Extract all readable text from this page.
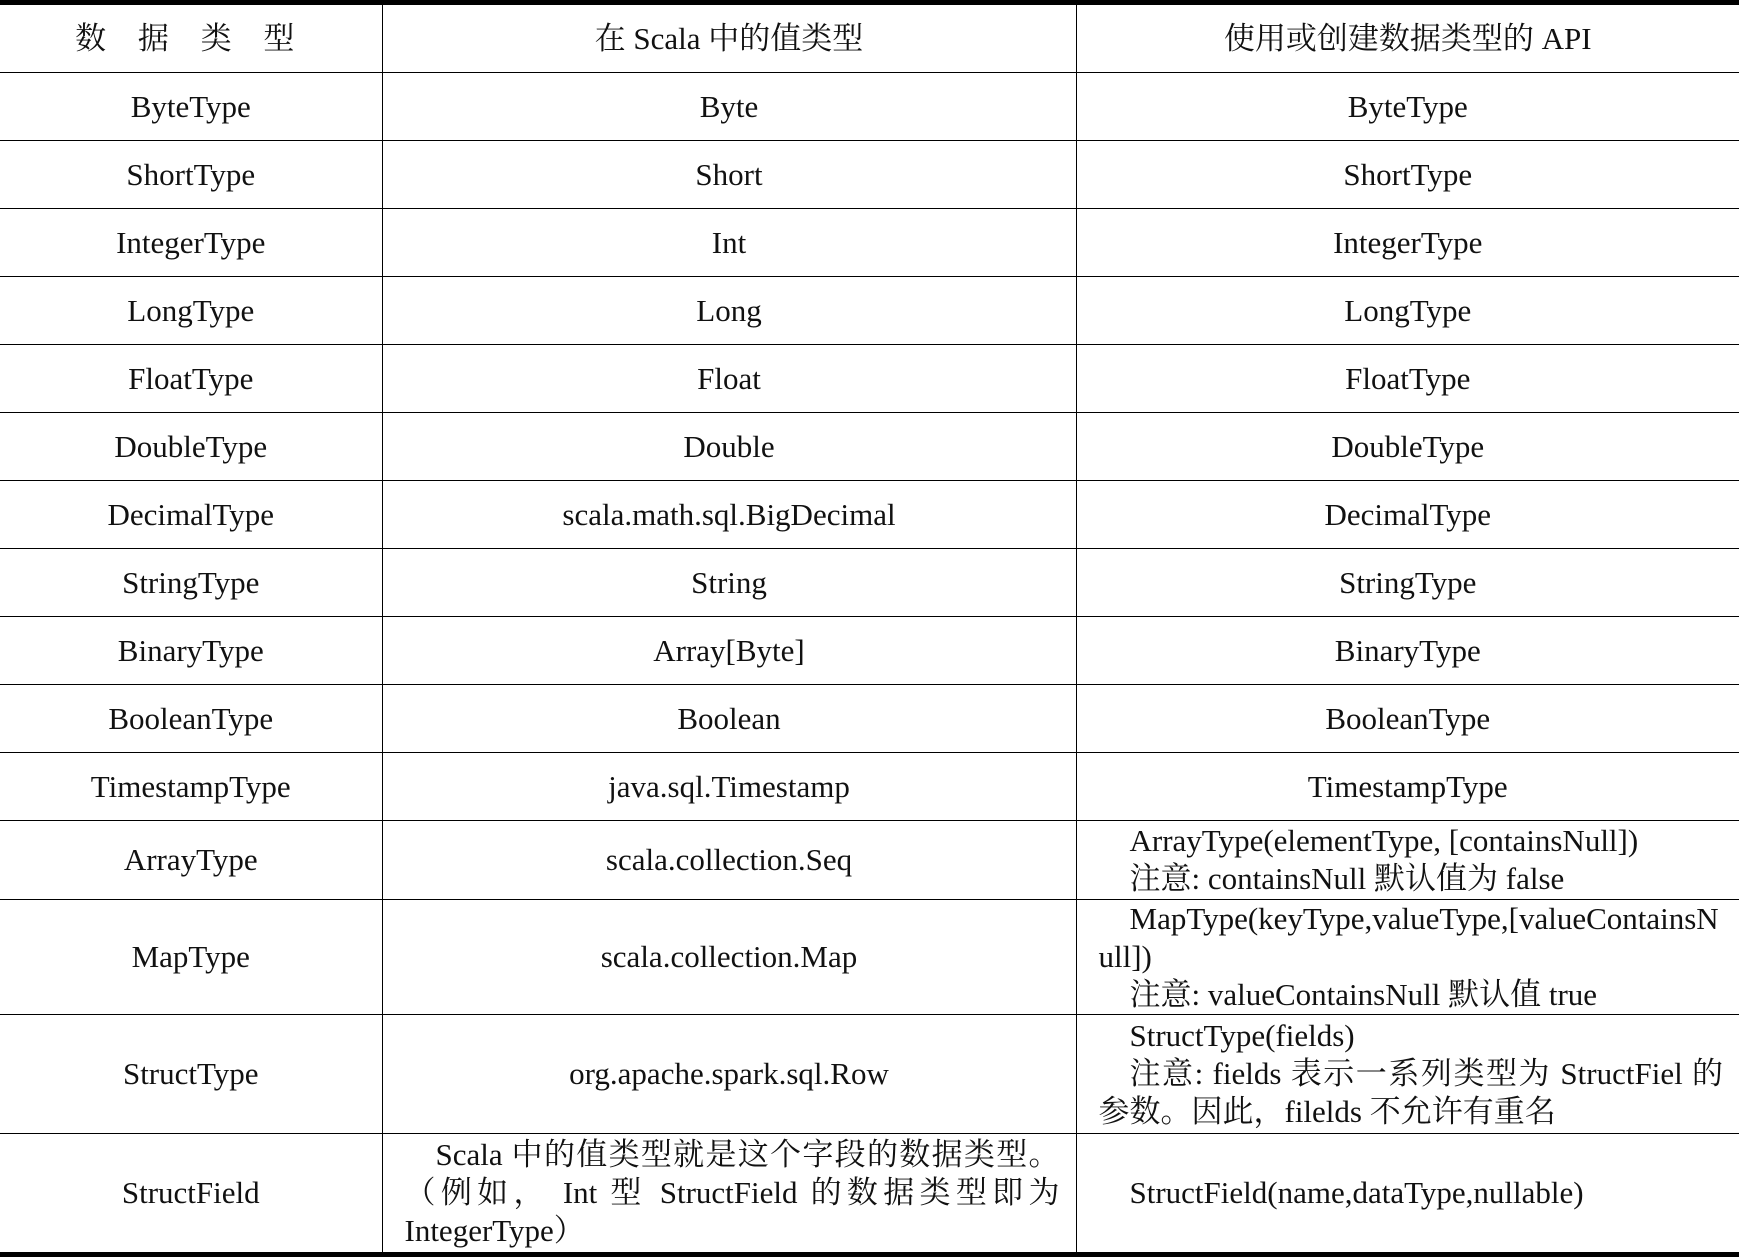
数 据 类 型	在 Scala 中的值类型	使用或创建数据类型的 API
ByteType	Byte	ByteType
ShortType	Short	ShortType
IntegerType	Int	IntegerType
LongType	Long	LongType
FloatType	Float	FloatType
DoubleType	Double	DoubleType
DecimalType	scala.math.sql.BigDecimal	DecimalType
StringType	String	StringType
BinaryType	Array[Byte]	BinaryType
BooleanType	Boolean	BooleanType
TimestampType	java.sql.Timestamp	TimestampType
ArrayType	scala.collection.Seq	ArrayType(elementType, [containsNull])
注意: containsNull 默认值为 false

MapType	scala.collection.Map	MapType(keyType,valueType,[valueContainsNull])
注意: valueContainsNull 默认值 true

StructType	org.apache.spark.sql.Row	StructType(fields)
注意: fields 表示一系列类型为 StructFiel 的参数。因此，filelds 不允许有重名

StructField	Scala 中的值类型就是这个字段的数据类型。（例如， Int 型 StructField 的数据类型即为 IntegerType）	StructField(name,dataType,nullable)
